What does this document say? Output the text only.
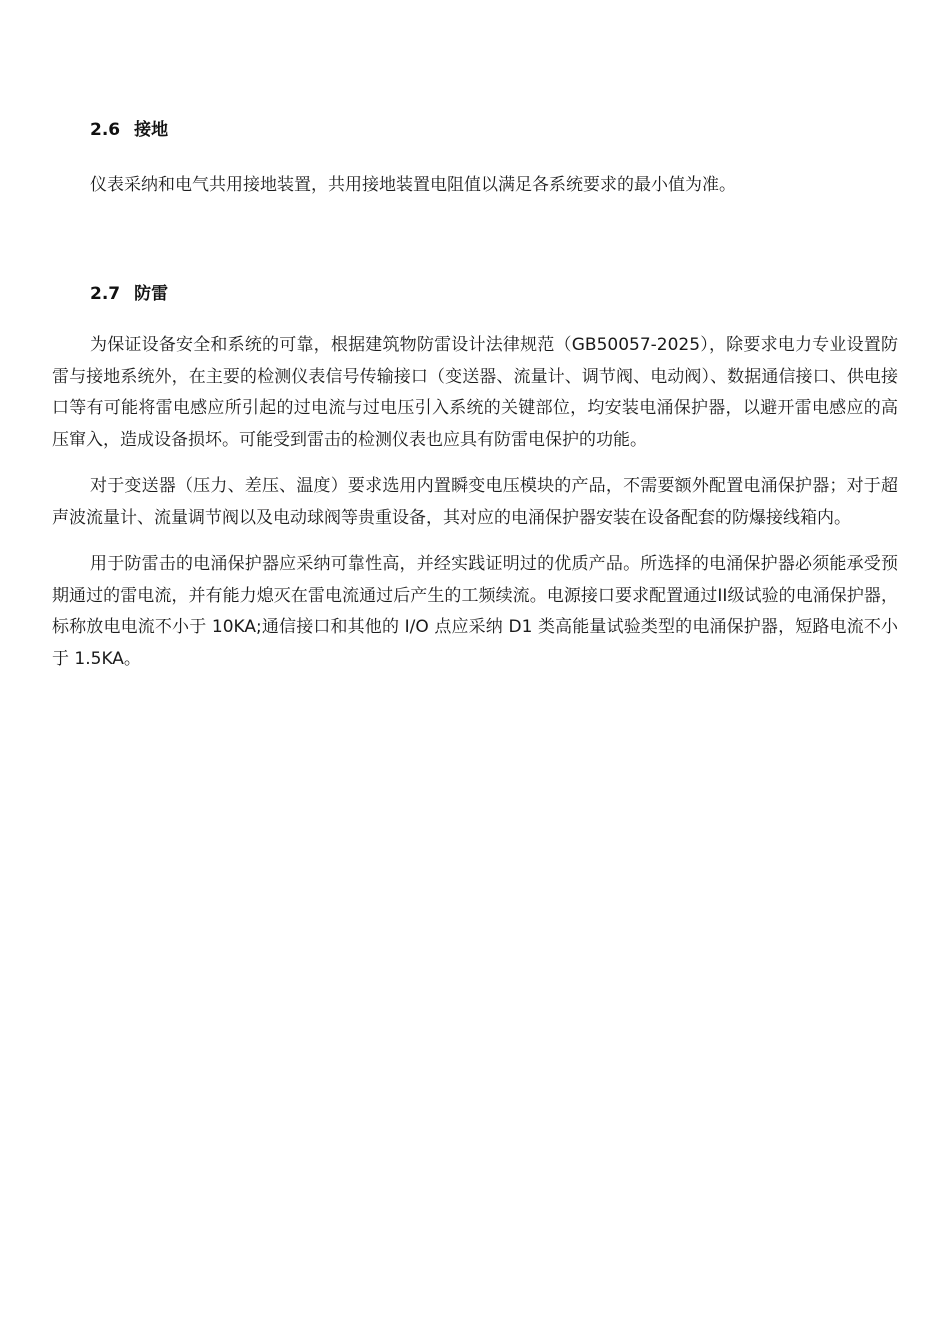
2.6 接地

仪表采纳和电气共用接地装置，共用接地装置电阻值以满足各系统要求的最小值为准。

2.7 防雷

为保证设备安全和系统的可靠，根据建筑物防雷设计法律规范（GB50057-2025），除要求电力专业设置防雷与接地系统外，在主要的检测仪表信号传输接口（变送器、流量计、调节阀、电动阀）、数据通信接口、供电接口等有可能将雷电感应所引起的过电流与过电压引入系统的关键部位，均安装电涌保护器，以避开雷电感应的高压窜入，造成设备损坏。可能受到雷击的检测仪表也应具有防雷电保护的功能。

对于变送器（压力、差压、温度）要求选用内置瞬变电压模块的产品，不需要额外配置电涌保护器；对于超声波流量计、流量调节阀以及电动球阀等贵重设备，其对应的电涌保护器安装在设备配套的防爆接线箱内。

用于防雷击的电涌保护器应采纳可靠性高，并经实践证明过的优质产品。所选择的电涌保护器必须能承受预期通过的雷电流，并有能力熄灭在雷电流通过后产生的工频续流。电源接口要求配置通过II级试验的电涌保护器，标称放电电流不小于 10KA;通信接口和其他的 I/O 点应采纳 D1 类高能量试验类型的电涌保护器，短路电流不小于 1.5KA。
